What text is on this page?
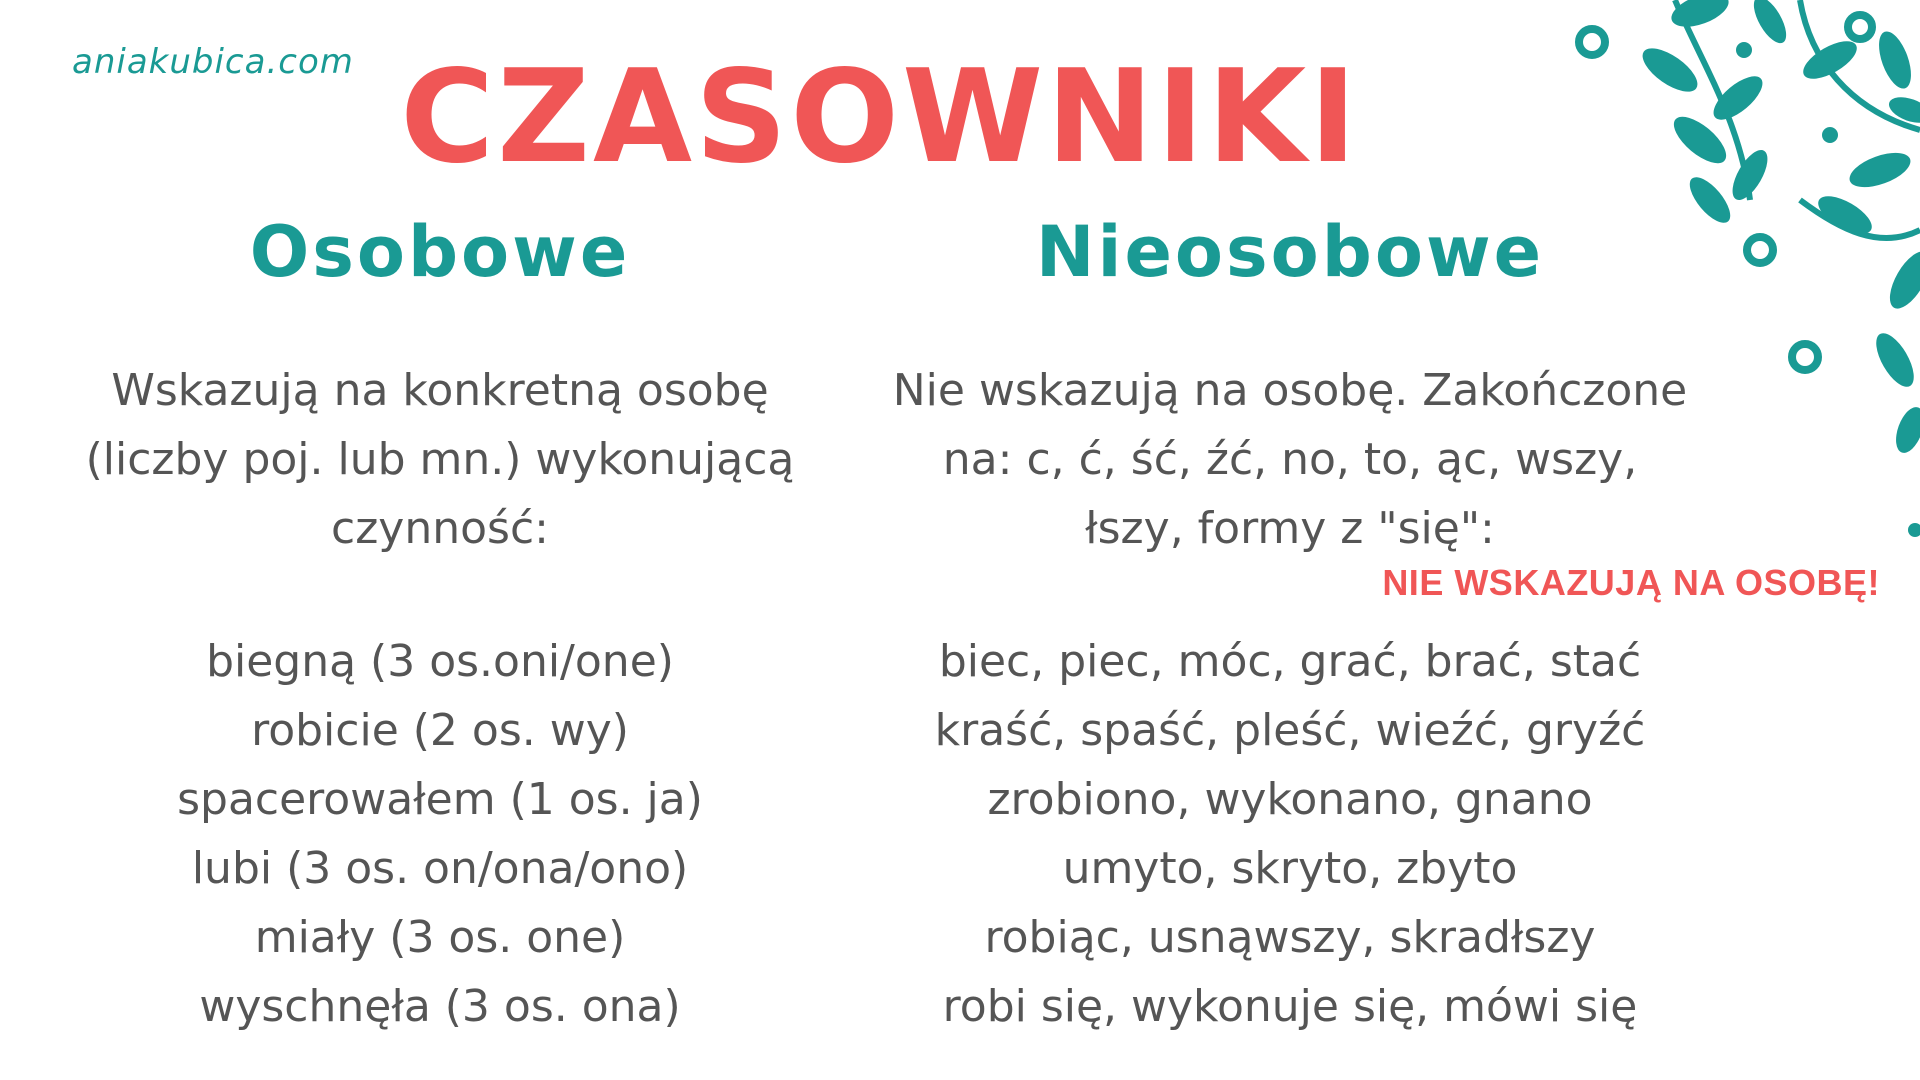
aniakubica.com CZASOWNIKI
Osobowe
Wskazują na konkretną osobę
(liczby poj. lub mn.) wykonującą
czynność:
Nieosobowe
Nie wskazują na osobę. Zakończone
na: c, ć, ść, źć, no, to, ąc, wszy,
łszy, formy z "się":
NIE WSKAZUJĄ NA OSOBĘ!
biegną (3 os.oni/one)
robicie (2 os. wy)
spacerowałem (1 os. ja)
lubi (3 os. on/ona/ono)
miały (3 os. one)
wyschnęła (3 os. ona)
biec, piec, móc, grać, brać, stać
kraść, spaść, pleść, wieźć, gryźć
zrobiono, wykonano, gnano
umyto, skryto, zbyto
robiąc, usnąwszy, skradłszy
robi się, wykonuje się, mówi się
